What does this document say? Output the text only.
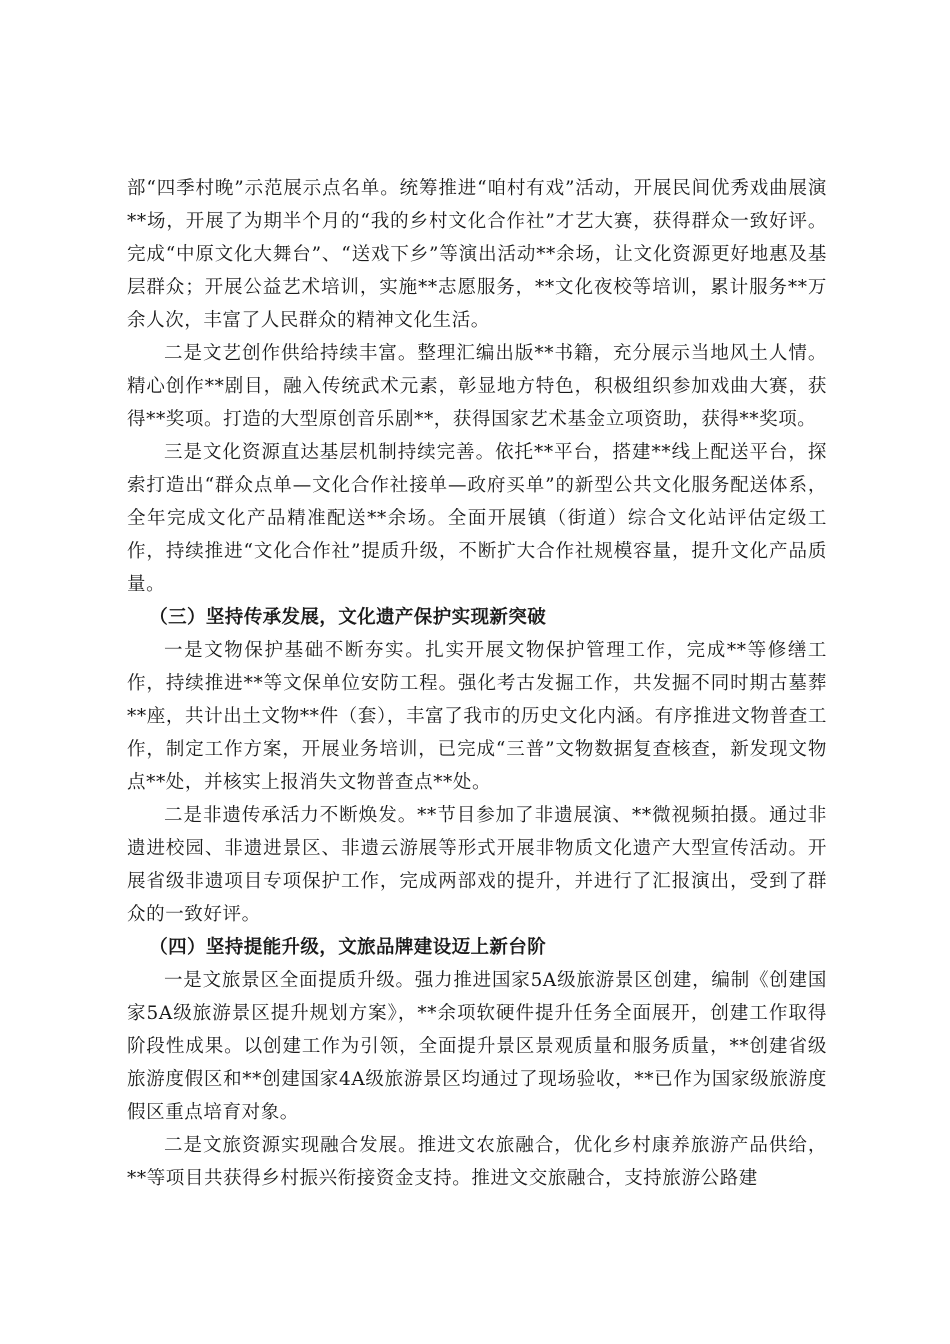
部“四季村晚”示范展示点名单。统筹推进“咱村有戏”活动，开展民间优秀戏曲展演**场，开展了为期半个月的“我的乡村文化合作社”才艺大赛，获得群众一致好评。完成“中原文化大舞台”、“送戏下乡”等演出活动**余场，让文化资源更好地惠及基层群众；开展公益艺术培训，实施**志愿服务，**文化夜校等培训，累计服务**万余人次，丰富了人民群众的精神文化生活。

二是文艺创作供给持续丰富。整理汇编出版**书籍，充分展示当地风土人情。精心创作**剧目，融入传统武术元素，彰显地方特色，积极组织参加戏曲大赛，获得**奖项。打造的大型原创音乐剧**，获得国家艺术基金立项资助，获得**奖项。

三是文化资源直达基层机制持续完善。依托**平台，搭建**线上配送平台，探索打造出“群众点单—文化合作社接单—政府买单”的新型公共文化服务配送体系，全年完成文化产品精准配送**余场。全面开展镇（街道）综合文化站评估定级工作，持续推进“文化合作社”提质升级，不断扩大合作社规模容量，提升文化产品质量。

（三）坚持传承发展，文化遗产保护实现新突破

一是文物保护基础不断夯实。扎实开展文物保护管理工作，完成**等修缮工作，持续推进**等文保单位安防工程。强化考古发掘工作，共发掘不同时期古墓葬**座，共计出土文物**件（套），丰富了我市的历史文化内涵。有序推进文物普查工作，制定工作方案，开展业务培训，已完成“三普”文物数据复查核查，新发现文物点**处，并核实上报消失文物普查点**处。

二是非遗传承活力不断焕发。**节目参加了非遗展演、**微视频拍摄。通过非遗进校园、非遗进景区、非遗云游展等形式开展非物质文化遗产大型宣传活动。开展省级非遗项目专项保护工作，完成两部戏的提升，并进行了汇报演出，受到了群众的一致好评。

（四）坚持提能升级，文旅品牌建设迈上新台阶

一是文旅景区全面提质升级。强力推进国家5A级旅游景区创建，编制《创建国家5A级旅游景区提升规划方案》，**余项软硬件提升任务全面展开，创建工作取得阶段性成果。以创建工作为引领，全面提升景区景观质量和服务质量，**创建省级旅游度假区和**创建国家4A级旅游景区均通过了现场验收，**已作为国家级旅游度假区重点培育对象。

二是文旅资源实现融合发展。推进文农旅融合，优化乡村康养旅游产品供给，**等项目共获得乡村振兴衔接资金支持。推进文交旅融合，支持旅游公路建
